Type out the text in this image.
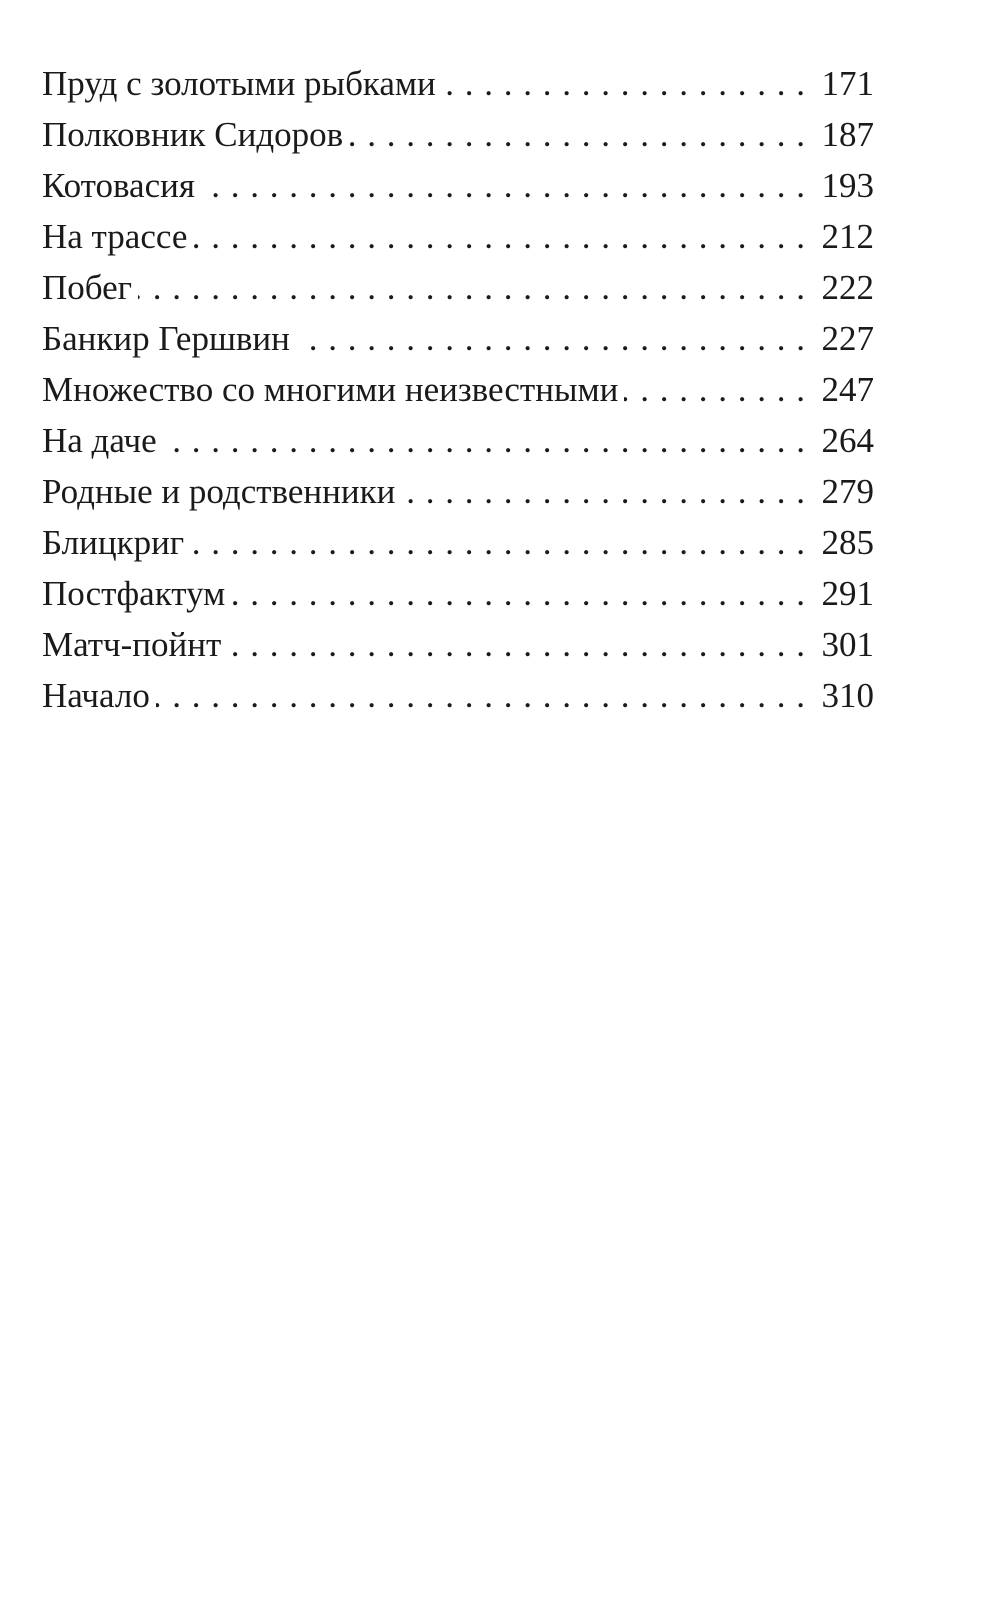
Пруд с золотыми рыбками . . .	171
Полковник Сидоров . . .	187
Котовасия . . .	193
На трассе . . .	212
Побег . . .	222
Банкир Гершвин . . .	227
Множество со многими неизвестными . . .	247
На даче . . .	264
Родные и родственники . . .	279
Блицкриг . . .	285
Постфактум . . .	291
Матч-пойнт . . .	301
Начало . . .	310
